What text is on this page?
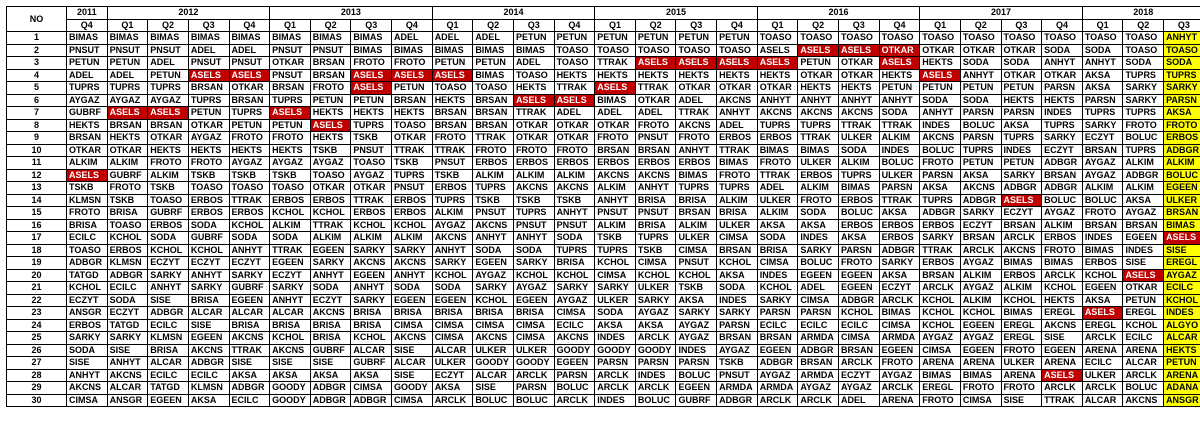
NO	2011	2012				2013				2014				2015				2016				2017				2018		
	Q4	Q1	Q2	Q3	Q4	Q1	Q2	Q3	Q4	Q1	Q2	Q3	Q4	Q1	Q2	Q3	Q4	Q1	Q2	Q3	Q4	Q1	Q2	Q3	Q4	Q1	Q2	Q3
1	BIMAS	BIMAS	BIMAS	BIMAS	BIMAS	BIMAS	BIMAS	BIMAS	ADEL	ADEL	ADEL	PETUN	PETUN	PETUN	PETUN	PETUN	PETUN	TOASO	TOASO	TOASO	TOASO	TOASO	TOASO	TOASO	TOASO	TOASO	TOASO	ANHYT
2	PNSUT	PNSUT	PNSUT	ADEL	ADEL	PNSUT	PNSUT	BIMAS	BIMAS	BIMAS	BIMAS	BIMAS	TOASO	TOASO	TOASO	TOASO	TOASO	ASELS	ASELS	ASELS	OTKAR	OTKAR	OTKAR	OTKAR	SODA	SODA	TOASO	TOASO
3	PETUN	PETUN	ADEL	PNSUT	PNSUT	OTKAR	BRSAN	FROTO	FROTO	PETUN	PETUN	ADEL	TOASO	TTRAK	ASELS	ASELS	ASELS	ASELS	PETUN	OTKAR	ASELS	HEKTS	SODA	SODA	ANHYT	ANHYT	SODA	SODA
4	ADEL	ADEL	PETUN	ASELS	ASELS	PNSUT	BRSAN	ASELS	ASELS	ASELS	BIMAS	TOASO	HEKTS	HEKTS	HEKTS	HEKTS	HEKTS	HEKTS	OTKAR	OTKAR	HEKTS	ASELS	ANHYT	OTKAR	OTKAR	AKSA	TUPRS	TUPRS
5	TUPRS	TUPRS	TUPRS	BRSAN	OTKAR	BRSAN	FROTO	ASELS	PETUN	TOASO	TOASO	HEKTS	TTRAK	ASELS	TTRAK	OTKAR	OTKAR	OTKAR	HEKTS	HEKTS	PETUN	PETUN	PETUN	PETUN	PARSN	AKSA	SARKY	SARKY
6	AYGAZ	AYGAZ	AYGAZ	TUPRS	BRSAN	TUPRS	PETUN	PETUN	BRSAN	HEKTS	BRSAN	ASELS	ASELS	BIMAS	OTKAR	ADEL	AKCNS	ANHYT	ANHYT	ANHYT	ANHYT	SODA	SODA	HEKTS	HEKTS	PARSN	SARKY	PARSN
7	GUBRF	ASELS	ASELS	PETUN	TUPRS	ASELS	HEKTS	HEKTS	HEKTS	BRSAN	BRSAN	TTRAK	ADEL	ADEL	ADEL	TTRAK	ANHYT	AKCNS	AKCNS	AKCNS	SODA	ANHYT	PARSN	PARSN	INDES	TUPRS	TUPRS	AKSA
8	HEKTS	BRSAN	BRSAN	OTKAR	PETUN	PETUN	ASELS	TUPRS	TOASO	BRSAN	BRSAN	OTKAR	OTKAR	OTKAR	FROTO	AKCNS	ADEL	TUPRS	TUPRS	TTRAK	TTRAK	INDES	BOLUC	AKSA	TUPRS	SARKY	FROTO	FROTO
9	BRSAN	HEKTS	OTKAR	AYGAZ	FROTO	FROTO	HEKTS	TSKB	OTKAR	FROTO	TTRAK	OTKAR	OTKAR	FROTO	PNSUT	FROTO	ERBOS	ERBOS	TTRAK	ULKER	ALKIM	AKCNS	PARSN	TUPRS	SARKY	ECZYT	BOLUC	ERBOS
10	OTKAR	OTKAR	HEKTS	HEKTS	HEKTS	HEKTS	TSKB	PNSUT	TTRAK	TTRAK	FROTO	FROTO	FROTO	BRSAN	BRSAN	ANHYT	TTRAK	BIMAS	BIMAS	SODA	INDES	BOLUC	TUPRS	INDES	ECZYT	BRSAN	TUPRS	ADBGR
11	ALKIM	ALKIM	FROTO	FROTO	AYGAZ	AYGAZ	AYGAZ	TOASO	TSKB	PNSUT	ERBOS	ERBOS	ERBOS	ERBOS	ERBOS	ERBOS	BIMAS	FROTO	ULKER	ALKIM	BOLUC	FROTO	PETUN	PETUN	ADBGR	AYGAZ	ALKIM	ALKIM
12	ASELS	GUBRF	ALKIM	TSKB	TSKB	TSKB	TOASO	AYGAZ	TUPRS	TSKB	ALKIM	ALKIM	ALKIM	AKCNS	AKCNS	BIMAS	FROTO	TTRAK	ERBOS	TUPRS	ULKER	PARSN	AKSA	SARKY	BRSAN	AYGAZ	ADBGR	BOLUC
13	TSKB	FROTO	TSKB	TOASO	TOASO	TOASO	OTKAR	OTKAR	PNSUT	ERBOS	TUPRS	AKCNS	AKCNS	ALKIM	ANHYT	TUPRS	TUPRS	ADEL	ALKIM	BIMAS	PARSN	AKSA	AKCNS	ADBGR	ADBGR	ALKIM	ALKIM	EGEEN
14	KLMSN	TSKB	TOASO	ERBOS	TTRAK	ERBOS	ERBOS	TTRAK	ERBOS	TUPRS	TSKB	TSKB	TSKB	ANHYT	BRISA	BRISA	ALKIM	ULKER	FROTO	ERBOS	TTRAK	TUPRS	ADBGR	ASELS	BOLUC	BOLUC	AKSA	ULKER
15	FROTO	BRISA	GUBRF	ERBOS	ERBOS	KCHOL	KCHOL	ERBOS	ERBOS	ALKIM	PNSUT	TUPRS	ANHYT	PNSUT	PNSUT	BRSAN	BRISA	ALKIM	SODA	BOLUC	AKSA	ADBGR	SARKY	ECZYT	AYGAZ	FROTO	AYGAZ	BRSAN
16	BRISA	TOASO	ERBOS	SODA	KCHOL	ALKIM	TTRAK	KCHOL	KCHOL	AYGAZ	AKCNS	PNSUT	PNSUT	ALKIM	BRISA	ALKIM	ULKER	AKSA	AKSA	ERBOS	ERBOS	ERBOS	ECZYT	BRSAN	ALKIM	BRSAN	BRSAN	BIMAS
17	ECILC	KCHOL	SODA	GUBRF	SODA	SODA	ALKIM	ALKIM	ALKIM	AKCNS	ANHYT	ANHYT	SODA	TSKB	TUPRS	ULKER	CIMSA	SODA	INDES	AKSA	ERBOS	SARKY	BRSAN	ARCLK	ERBOS	INDES	EGEEN	ASELS
18	TOASO	ERBOS	KCHOL	KCHOL	ANHYT	TTRAK	EGEEN	SARKY	SARKY	ANHYT	SODA	SODA	TUPRS	TUPRS	TSKB	CIMSA	BRSAN	BRISA	SARKY	PARSN	ADBGR	TTRAK	ARCLK	AKCNS	FROTO	BIMAS	INDES	SISE
19	ADBGR	KLMSN	ECZYT	ECZYT	ECZYT	EGEEN	SARKY	AKCNS	AKCNS	SARKY	EGEEN	SARKY	BRISA	KCHOL	CIMSA	PNSUT	KCHOL	CIMSA	BOLUC	FROTO	SARKY	ERBOS	AYGAZ	BIMAS	BIMAS	ERBOS	SISE	EREGL
20	TATGD	ADBGR	SARKY	ANHYT	SARKY	ECZYT	ANHYT	EGEEN	ANHYT	KCHOL	AYGAZ	KCHOL	KCHOL	CIMSA	KCHOL	KCHOL	AKSA	INDES	EGEEN	EGEEN	AKSA	BRSAN	ALKIM	ERBOS	ARCLK	KCHOL	ASELS	AYGAZ
21	KCHOL	ECILC	ANHYT	SARKY	GUBRF	SARKY	SODA	ANHYT	SODA	SODA	SARKY	AYGAZ	SARKY	SARKY	ULKER	TSKB	SODA	KCHOL	ADEL	EGEEN	ECZYT	ARCLK	AYGAZ	ALKIM	KCHOL	EGEEN	OTKAR	ECILC
22	ECZYT	SODA	SISE	BRISA	EGEEN	ANHYT	ECZYT	SARKY	EGEEN	EGEEN	KCHOL	EGEEN	AYGAZ	ULKER	SARKY	AKSA	INDES	SARKY	CIMSA	ADBGR	ARCLK	KCHOL	ALKIM	KCHOL	HEKTS	AKSA	PETUN	KCHOL
23	ANSGR	ECZYT	ADBGR	ALCAR	ALCAR	ALCAR	AKCNS	BRISA	BRISA	BRISA	BRISA	BRISA	CIMSA	SODA	AYGAZ	SARKY	SARKY	PARSN	PARSN	KCHOL	BIMAS	KCHOL	KCHOL	BIMAS	EREGL	ASELS	EREGL	INDES
24	ERBOS	TATGD	ECILC	SISE	BRISA	BRISA	BRISA	BRISA	CIMSA	CIMSA	CIMSA	CIMSA	ECILC	AKSA	AKSA	AYGAZ	PARSN	ECILC	ECILC	ECILC	CIMSA	KCHOL	EGEEN	EREGL	AKCNS	EREGL	KCHOL	ALGYO
25	SARKY	SARKY	KLMSN	EGEEN	AKCNS	KCHOL	BRISA	KCHOL	AKCNS	CIMSA	AKCNS	CIMSA	AKCNS	INDES	ARCLK	AYGAZ	BRSAN	BRSAN	ARMDA	CIMSA	ARMDA	AYGAZ	AYGAZ	EREGL	SISE	ARCLK	ECILC	ALCAR
26	SODA	SISE	BRISA	AKCNS	TTRAK	AKCNS	GUBRF	ALCAR	SISE	ALCAR	ULKER	ULKER	GOODY	GOODY	GOODY	INDES	AYGAZ	EGEEN	ADBGR	BRSAN	EGEEN	CIMSA	EGEEN	FROTO	EGEEN	ARENA	ARENA	HEKTS
27	SISE	ANHYT	ALCAR	ADBGR	SISE	SISE	SISE	GUBRF	ALCAR	ULKER	GOODY	GOODY	EGEEN	PARSN	PARSN	PARSN	TSKB	ADBGR	BRSAN	ARCLK	FROTO	ARENA	ARENA	ULKER	ARENA	ECILC	ALCAR	PETUN
28	ANHYT	AKCNS	ECILC	ECILC	AKSA	AKSA	AKSA	AKSA	SISE	ECZYT	ALCAR	ARCLK	PARSN	ARCLK	INDES	BOLUC	PNSUT	AYGAZ	ARMDA	ECZYT	AYGAZ	BIMAS	BIMAS	ARENA	ASELS	ULKER	ARCLK	ARENA
29	AKCNS	ALCAR	TATGD	KLMSN	ADBGR	GOODY	ADBGR	CIMSA	GOODY	AKSA	SISE	PARSN	BOLUC	ARCLK	ARCLK	EGEEN	ARMDA	ARMDA	AYGAZ	AYGAZ	ARCLK	EREGL	FROTO	FROTO	ARCLK	ARCLK	BOLUC	ADANA
30	CIMSA	ANSGR	EGEEN	AKSA	ECILC	GOODY	ADBGR	ADBGR	CIMSA	ARCLK	BOLUC	BOLUC	ARCLK	INDES	BOLUC	GUBRF	ADBGR	ARCLK	ARCLK	ADEL	ARENA	FROTO	CIMSA	SISE	TTRAK	ALCAR	AKCNS	ANSGR
